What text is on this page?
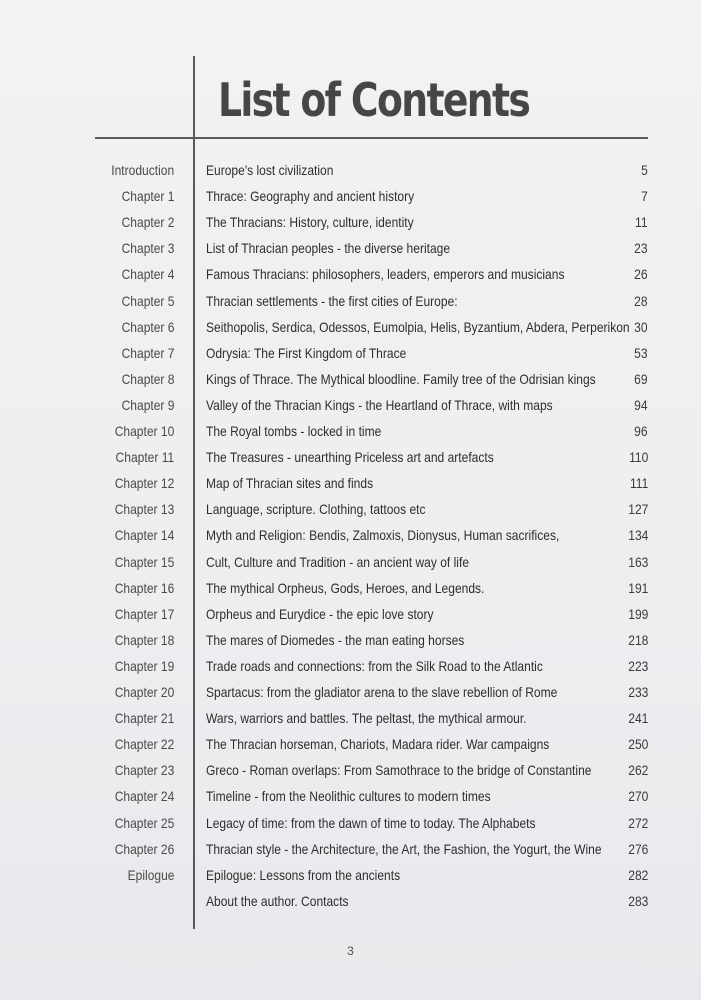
List of Contents
Introduction Europe's lost civilization	5
Chapter 1 Thrace: Geography and ancient history	7
Chapter 2 The Thracians: History, culture, identity	11
Chapter 3 List of Thracian peoples - the diverse heritage	23
Chapter 4 Famous Thracians: philosophers, leaders, emperors and musicians	26
Chapter 5 Thracian settlements - the first cities of Europe:	28
Chapter 6 Seithopolis, Serdica, Odessos, Eumolpia, Helis, Byzantium, Abdera, Perperikon 30
Chapter 7 Odrysia: The First Kingdom of Thrace	53
Chapter 8 Kings of Thrace. The Mythical bloodline. Family tree of the Odrisian kings	69
Chapter 9 Valley of the Thracian Kings - the Heartland of Thrace, with maps	94
Chapter 10 The Royal tombs - locked in time	96
Chapter 11 The Treasures - unearthing Priceless art and artefacts	110
Chapter 12 Map of Thracian sites and finds	111
Chapter 13 Language, scripture. Clothing, tattoos etc	127
Chapter 14 Myth and Religion: Bendis, Zalmoxis, Dionysus, Human sacrifices,	134
Chapter 15 Cult, Culture and Tradition - an ancient way of life	163
Chapter 16 The mythical Orpheus, Gods, Heroes, and Legends.	191
Chapter 17 Orpheus and Eurydice - the epic love story	199
Chapter 18 The mares of Diomedes - the man eating horses	218
Chapter 19 Trade roads and connections: from the Silk Road to the Atlantic	223
Chapter 20 Spartacus: from the gladiator arena to the slave rebellion of Rome	233
Chapter 21 Wars, warriors and battles. The peltast, the mythical armour.	241
Chapter 22 The Thracian horseman, Chariots, Madara rider. War campaigns	250
Chapter 23 Greco - Roman overlaps: From Samothrace to the bridge of Constantine	262
Chapter 24 Timeline - from the Neolithic cultures to modern times	270
Chapter 25 Legacy of time: from the dawn of time to today. The Alphabets	272
Chapter 26 Thracian style - the Architecture, the Art, the Fashion, the Yogurt, the Wine 276
Epilogue Epilogue: Lessons from the ancients	282
About the author. Contacts	283
3
